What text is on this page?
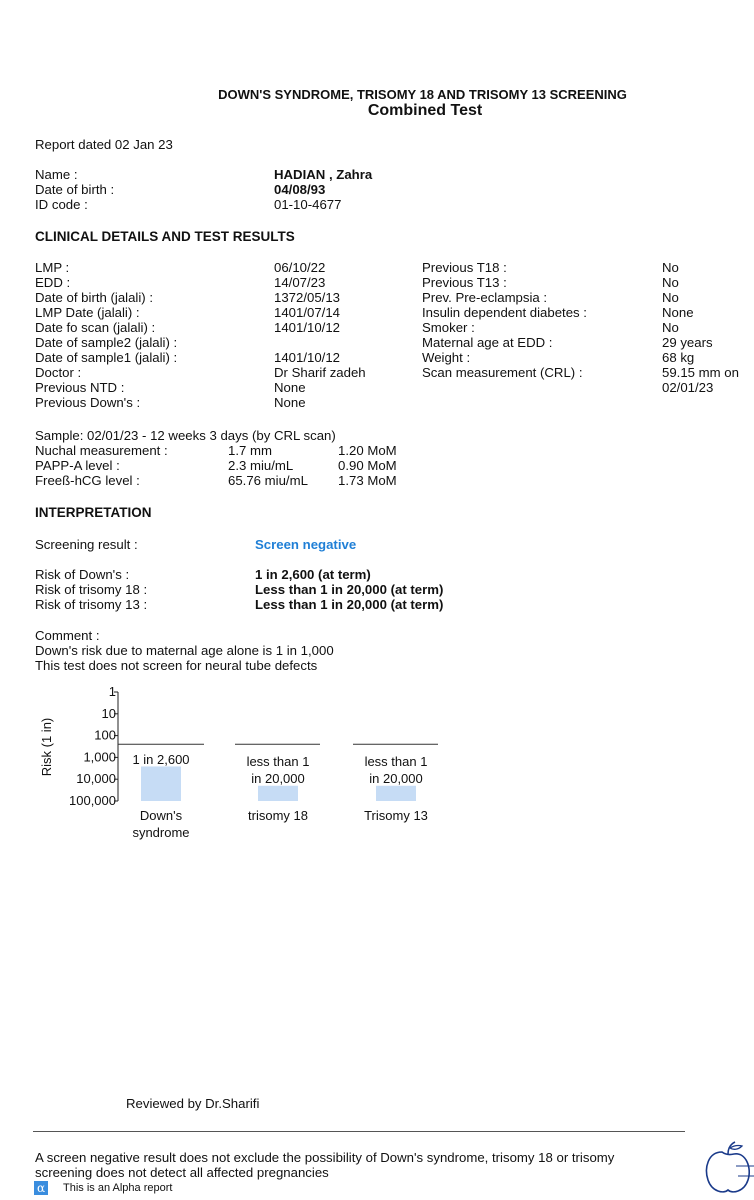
DOWN'S SYNDROME, TRISOMY 18 AND TRISOMY 13 SCREENING
Combined Test
Report dated 02 Jan 23
Name :
Date of birth :
ID code :
HADIAN , Zahra
04/08/93
01-10-4677
CLINICAL DETAILS AND TEST RESULTS
LMP :
EDD :
Date of birth (jalali) :
LMP Date (jalali) :
Date fo scan (jalali) :
Date of sample2 (jalali) :
Date of sample1 (jalali) :
Doctor :
Previous NTD :
Previous Down's :
06/10/22
14/07/23
1372/05/13
1401/07/14
1401/10/12
1401/10/12
Dr Sharif zadeh
None
None
Previous T18 :
Previous T13 :
Prev. Pre-eclampsia :
Insulin dependent diabetes :
Smoker :
Maternal age at EDD :
Weight :
Scan measurement (CRL) :
No
No
No
None
No
29 years
68 kg
59.15 mm on
02/01/23
Sample: 02/01/23 - 12 weeks 3 days (by CRL scan)
Nuchal measurement :
PAPP-A level :
Freeß-hCG level :
1.7 mm
2.3 miu/mL
65.76 miu/mL
1.20 MoM
0.90 MoM
1.73 MoM
INTERPRETATION
Screening result :	Screen negative
Risk of Down's :
Risk of trisomy 18 :
Risk of trisomy 13 :
1 in 2,600 (at term)
Less than 1 in 20,000 (at term)
Less than 1 in 20,000 (at term)
Comment :
Down's risk due to maternal age alone is 1 in 1,000
This test does not screen for neural tube defects
Risk (1 in)
1
10
100
1,000
10,000
100,000
1 in 2,600
Down's
syndrome
less than 1
in 20,000
trisomy 18
less than 1
in 20,000
Trisomy 13
Reviewed by Dr.Sharifi
A screen negative result does not exclude the possibility of Down's syndrome, trisomy 18 or trisomy
screening does not detect all affected pregnancies
α This is an Alpha report
